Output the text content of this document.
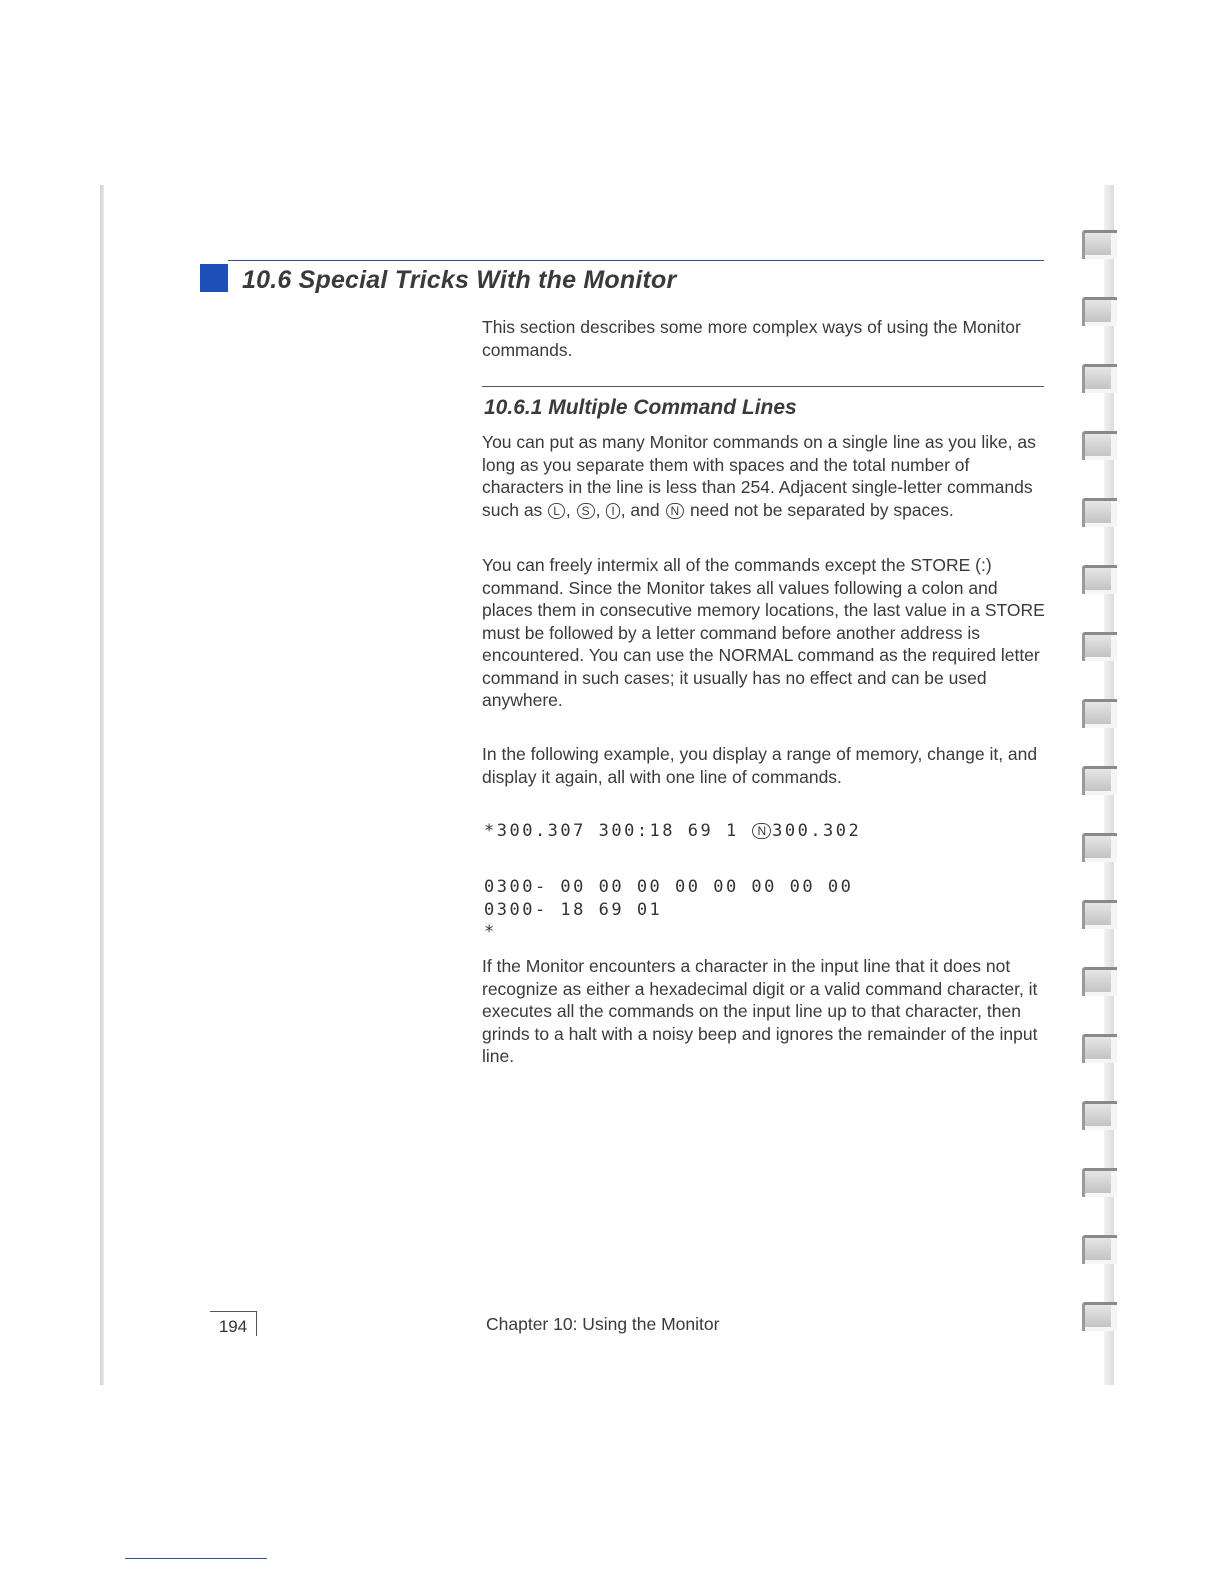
10.6 Special Tricks With the Monitor

This section describes some more complex ways of using the Monitor commands.

10.6.1 Multiple Command Lines

You can put as many Monitor commands on a single line as you like, as long as you separate them with spaces and the total number of characters in the line is less than 254. Adjacent single-letter commands such as L , S , I , and N need not be separated by spaces.

You can freely intermix all of the commands except the STORE (:) command. Since the Monitor takes all values following a colon and places them in consecutive memory locations, the last value in a STORE must be followed by a letter command before another address is encountered. You can use the NORMAL command as the required letter command in such cases; it usually has no effect and can be used anywhere.

In the following example, you display a range of memory, change it, and display it again, all with one line of commands.

*300.307 300:18 69 1 N 300.302
0300- 00 00 00 00 00 00 00 00
0300- 18 69 01
*

If the Monitor encounters a character in the input line that it does not recognize as either a hexadecimal digit or a valid command character, it executes all the commands on the input line up to that character, then grinds to a halt with a noisy beep and ignores the remainder of the input line.

194	Chapter 10: Using the Monitor
